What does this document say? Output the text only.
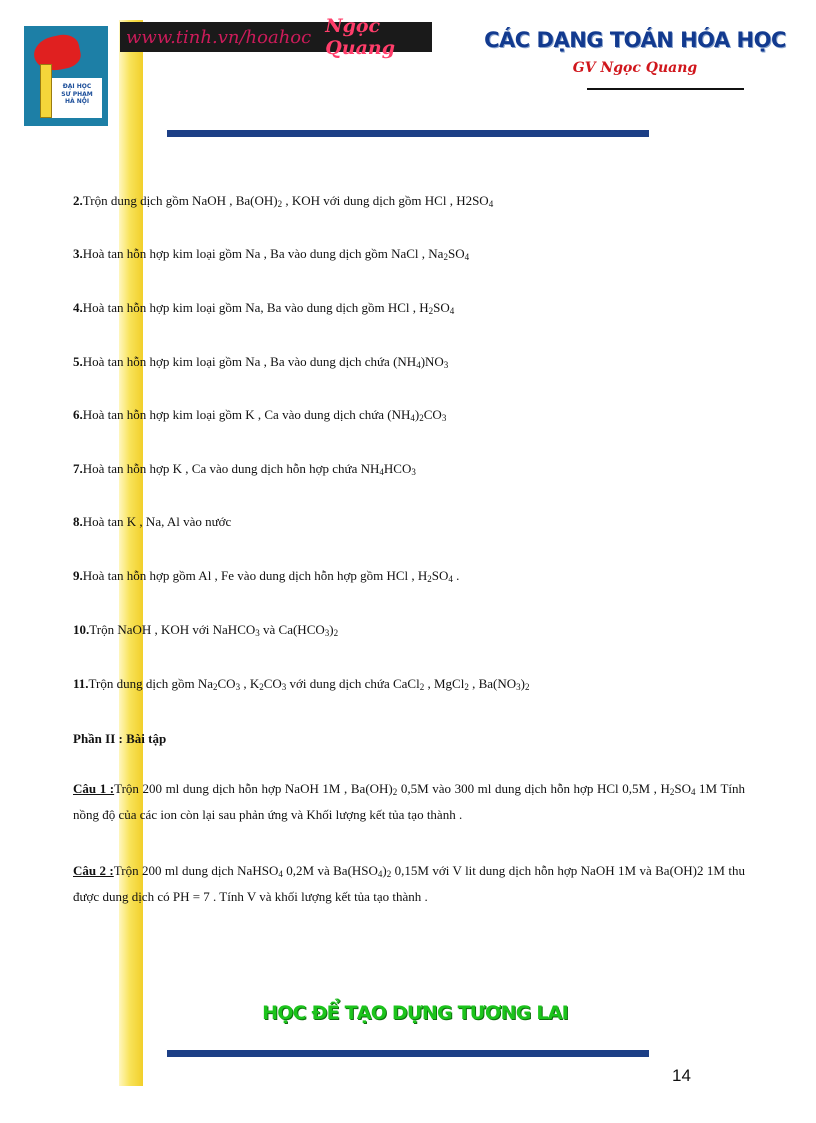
ĐẠI HỌC
SƯ PHẠM
HÀ NỘI
www.tinh.vn/hoahoc Ngọc Quang	CÁC DẠNG TOÁN HÓA HỌC
GV Ngọc Quang
2.Trộn dung dịch gồm NaOH , $Ba(OH)_2$ , KOH với dung dịch gồm HCl , $H2SO_4$
3.Hoà tan hỗn hợp kim loại gồm Na , Ba vào dung dịch gồm NaCl , $Na_2SO_4$
4.Hoà tan hỗn hợp kim loại gồm Na, Ba vào dung dịch gồm HCl , $H_2SO_4$
5.Hoà tan hỗn hợp kim loại gồm Na , Ba vào dung dịch chứa $(NH_4)NO_3$
6.Hoà tan hỗn hợp kim loại gồm K , Ca vào dung dịch chứa $(NH_4)_2CO_3$
7.Hoà tan hỗn hợp K , Ca vào dung dịch hỗn hợp chứa $NH_4HCO_3$
8.Hoà tan K , Na, Al vào nước
9.Hoà tan hỗn hợp gồm Al , Fe vào dung dịch hỗn hợp gồm HCl , $H_2SO_4$ .
10.Trộn NaOH , KOH với NaHCO$_3$ và $Ca(HCO_3)_2$
11.Trộn dung dịch gồm $Na_2CO_3$ , $K_2CO_3$ với dung dịch chứa CaCl$_2$ , MgCl$_2$ , $Ba(NO_3)_2$
Phần II : Bài tập
Câu 1 :Trộn 200 ml dung dịch hỗn hợp NaOH 1M , $Ba(OH)_2$ 0,5M vào 300 ml dung dịch hỗn hợp HCl 0,5M , $H_2SO_4$ 1M Tính nồng độ của các ion còn lại sau phản ứng và Khối lượng kết tủa tạo thành .
Câu 2 :Trộn 200 ml dung dịch NaHSO$_4$ 0,2M và $Ba(HSO_4)_2$ 0,15M với V lit dung dịch hỗn hợp NaOH 1M và Ba(OH)2 1M thu được dung dịch có PH = 7 . Tính V và khối lượng kết tủa tạo thành .
HỌC ĐỂ TẠO DỰNG TƯƠNG LAI
14
